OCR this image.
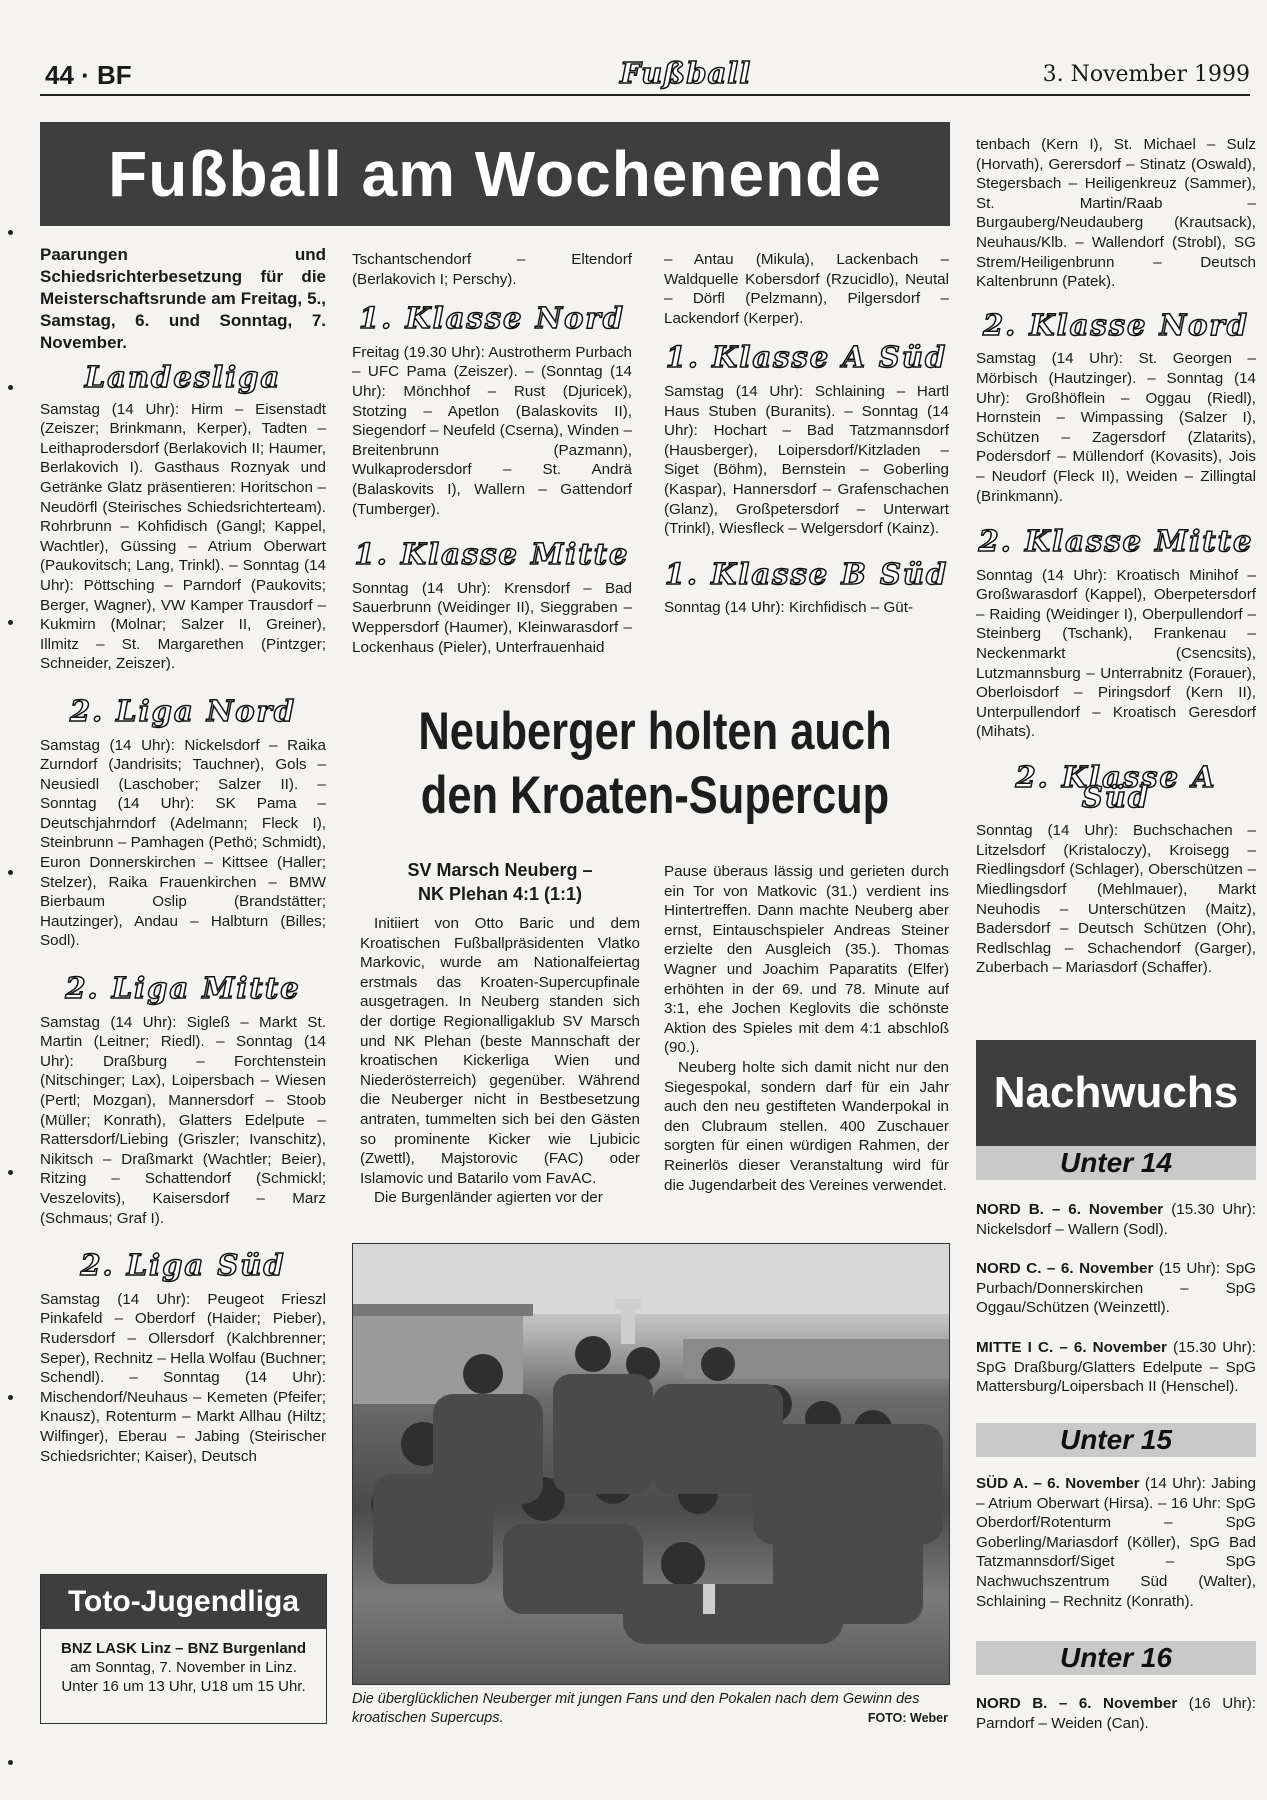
44 · BF	Fußball	3. November 1999
Fußball am Wochenende

Paarungen und Schiedsrichterbesetzung für die Meisterschaftsrunde am Freitag, 5., Samstag, 6. und Sonntag, 7. November.

Landesliga

Samstag (14 Uhr): Hirm – Eisenstadt (Zeiszer; Brinkmann, Kerper), Tadten – Leithaprodersdorf (Berlakovich II; Haumer, Berlakovich I). Gasthaus Roznyak und Getränke Glatz präsentieren: Horitschon – Neudörfl (Steirisches Schiedsrichterteam). Rohrbrunn – Kohfidisch (Gangl; Kappel, Wachtler), Güssing – Atrium Oberwart (Paukovitsch; Lang, Trinkl). – Sonntag (14 Uhr): Pöttsching – Parndorf (Paukovits; Berger, Wagner), VW Kamper Trausdorf – Kukmirn (Molnar; Salzer II, Greiner), Illmitz – St. Margarethen (Pintzger; Schneider, Zeiszer).

2. Liga Nord

Samstag (14 Uhr): Nickelsdorf – Raika Zurndorf (Jandrisits; Tauchner), Gols – Neusiedl (Laschober; Salzer II). – Sonntag (14 Uhr): SK Pama – Deutschjahrndorf (Adelmann; Fleck I), Steinbrunn – Pamhagen (Pethö; Schmidt), Euron Donnerskirchen – Kittsee (Haller; Stelzer), Raika Frauenkirchen – BMW Bierbaum Oslip (Brandstätter; Hautzinger), Andau – Halbturn (Billes; Sodl).

2. Liga Mitte

Samstag (14 Uhr): Sigleß – Markt St. Martin (Leitner; Riedl). – Sonntag (14 Uhr): Draßburg – Forchtenstein (Nitschinger; Lax), Loipersbach – Wiesen (Pertl; Mozgan), Mannersdorf – Stoob (Müller; Konrath), Glatters Edelpute – Rattersdorf/Liebing (Griszler; Ivanschitz), Nikitsch – Draßmarkt (Wachtler; Beier), Ritzing – Schattendorf (Schmickl; Veszelovits), Kaisersdorf – Marz (Schmaus; Graf I).

2. Liga Süd

Samstag (14 Uhr): Peugeot Frieszl Pinkafeld – Oberdorf (Haider; Pieber), Rudersdorf – Ollersdorf (Kalchbrenner; Seper), Rechnitz – Hella Wolfau (Buchner; Schendl). – Sonntag (14 Uhr): Mischendorf/Neuhaus – Kemeten (Pfeifer; Knausz), Rotenturm – Markt Allhau (Hiltz; Wilfinger), Eberau – Jabing (Steirischer Schiedsrichter; Kaiser), Deutsch

Toto-Jugendliga
BNZ LASK Linz – BNZ Burgenland
am Sonntag, 7. November in Linz.
Unter 16 um 13 Uhr, U18 um 15 Uhr.

Tschantschendorf – Eltendorf (Berlakovich I; Perschy).

1. Klasse Nord

Freitag (19.30 Uhr): Austrotherm Purbach – UFC Pama (Zeiszer). – (Sonntag (14 Uhr): Mönchhof – Rust (Djuricek), Stotzing – Apetlon (Balaskovits II), Siegendorf – Neufeld (Cserna), Winden – Breitenbrunn (Pazmann), Wulkaprodersdorf – St. Andrä (Balaskovits I), Wallern – Gattendorf (Tumberger).

1. Klasse Mitte

Sonntag (14 Uhr): Krensdorf – Bad Sauerbrunn (Weidinger II), Sieggraben – Weppersdorf (Haumer), Kleinwarasdorf – Lockenhaus (Pieler), Unterfrauenhaid

– Antau (Mikula), Lackenbach – Waldquelle Kobersdorf (Rzucidlo), Neutal – Dörfl (Pelzmann), Pilgersdorf – Lackendorf (Kerper).

1. Klasse A Süd

Samstag (14 Uhr): Schlaining – Hartl Haus Stuben (Buranits). – Sonntag (14 Uhr): Hochart – Bad Tatzmannsdorf (Hausberger), Loipersdorf/Kitzladen – Siget (Böhm), Bernstein – Goberling (Kaspar), Hannersdorf – Grafenschachen (Glanz), Großpetersdorf – Unterwart (Trinkl), Wiesfleck – Welgersdorf (Kainz).

1. Klasse B Süd

Sonntag (14 Uhr): Kirchfidisch – Güt-

Neuberger holten auch den Kroaten-Supercup
SV Marsch Neuberg –
NK Plehan 4:1 (1:1)

Initiiert von Otto Baric und dem Kroatischen Fußballpräsidenten Vlatko Markovic, wurde am Nationalfeiertag erstmals das Kroaten-Supercupfinale ausgetragen. In Neuberg standen sich der dortige Regionalligaklub SV Marsch und NK Plehan (beste Mannschaft der kroatischen Kickerliga Wien und Niederösterreich) gegenüber. Während die Neuberger nicht in Bestbesetzung antraten, tummelten sich bei den Gästen so prominente Kicker wie Ljubicic (Zwettl), Majstorovic (FAC) oder Islamovic und Batarilo vom FavAC.

Die Burgenländer agierten vor der

Pause überaus lässig und gerieten durch ein Tor von Matkovic (31.) verdient ins Hintertreffen. Dann machte Neuberg aber ernst, Eintauschspieler Andreas Steiner erzielte den Ausgleich (35.). Thomas Wagner und Joachim Paparatits (Elfer) erhöhten in der 69. und 78. Minute auf 3:1, ehe Jochen Keglovits die schönste Aktion des Spieles mit dem 4:1 abschloß (90.).

Neuberg holte sich damit nicht nur den Siegespokal, sondern darf für ein Jahr auch den neu gestifteten Wanderpokal in den Clubraum stellen. 400 Zuschauer sorgten für einen würdigen Rahmen, der Reinerlös dieser Veranstaltung wird für die Jugendarbeit des Vereines verwendet.

Die überglücklichen Neuberger mit jungen Fans und den Pokalen nach dem Gewinn des kroatischen Supercups.	FOTO: Weber

tenbach (Kern I), St. Michael – Sulz (Horvath), Gerersdorf – Stinatz (Oswald), Stegersbach – Heiligenkreuz (Sammer), St. Martin/Raab – Burgauberg/Neudauberg (Krautsack), Neuhaus/Klb. – Wallendorf (Strobl), SG Strem/Heiligenbrunn – Deutsch Kaltenbrunn (Patek).

2. Klasse Nord

Samstag (14 Uhr): St. Georgen – Mörbisch (Hautzinger). – Sonntag (14 Uhr): Großhöflein – Oggau (Riedl), Hornstein – Wimpassing (Salzer I), Schützen – Zagersdorf (Zlatarits), Podersdorf – Müllendorf (Kovasits), Jois – Neudorf (Fleck II), Weiden – Zillingtal (Brinkmann).

2. Klasse Mitte

Sonntag (14 Uhr): Kroatisch Minihof – Großwarasdorf (Kappel), Oberpetersdorf – Raiding (Weidinger I), Oberpullendorf – Steinberg (Tschank), Frankenau – Neckenmarkt (Csencsits), Lutzmannsburg – Unterrabnitz (Forauer), Oberloisdorf – Piringsdorf (Kern II), Unterpullendorf – Kroatisch Geresdorf (Mihats).

2. Klasse A Süd

Sonntag (14 Uhr): Buchschachen – Litzelsdorf (Kristaloczy), Kroisegg – Riedlingsdorf (Schlager), Oberschützen – Miedlingsdorf (Mehlmauer), Markt Neuhodis – Unterschützen (Maitz), Badersdorf – Deutsch Schützen (Ohr), Redlschlag – Schachendorf (Garger), Zuberbach – Mariasdorf (Schaffer).

Nachwuchs
Unter 14

NORD B. – 6. November (15.30 Uhr): Nickelsdorf – Wallern (Sodl).

NORD C. – 6. November (15 Uhr): SpG Purbach/Donnerskirchen – SpG Oggau/Schützen (Weinzettl).

MITTE I C. – 6. November (15.30 Uhr): SpG Draßburg/Glatters Edelpute – SpG Mattersburg/Loipersbach II (Henschel).

Unter 15

SÜD A. – 6. November (14 Uhr): Jabing – Atrium Oberwart (Hirsa). – 16 Uhr: SpG Oberdorf/Rotenturm – SpG Goberling/Mariasdorf (Köller), SpG Bad Tatzmannsdorf/Siget – SpG Nachwuchszentrum Süd (Walter), Schlaining – Rechnitz (Konrath).

Unter 16

NORD B. – 6. November (16 Uhr): Parndorf – Weiden (Can).
